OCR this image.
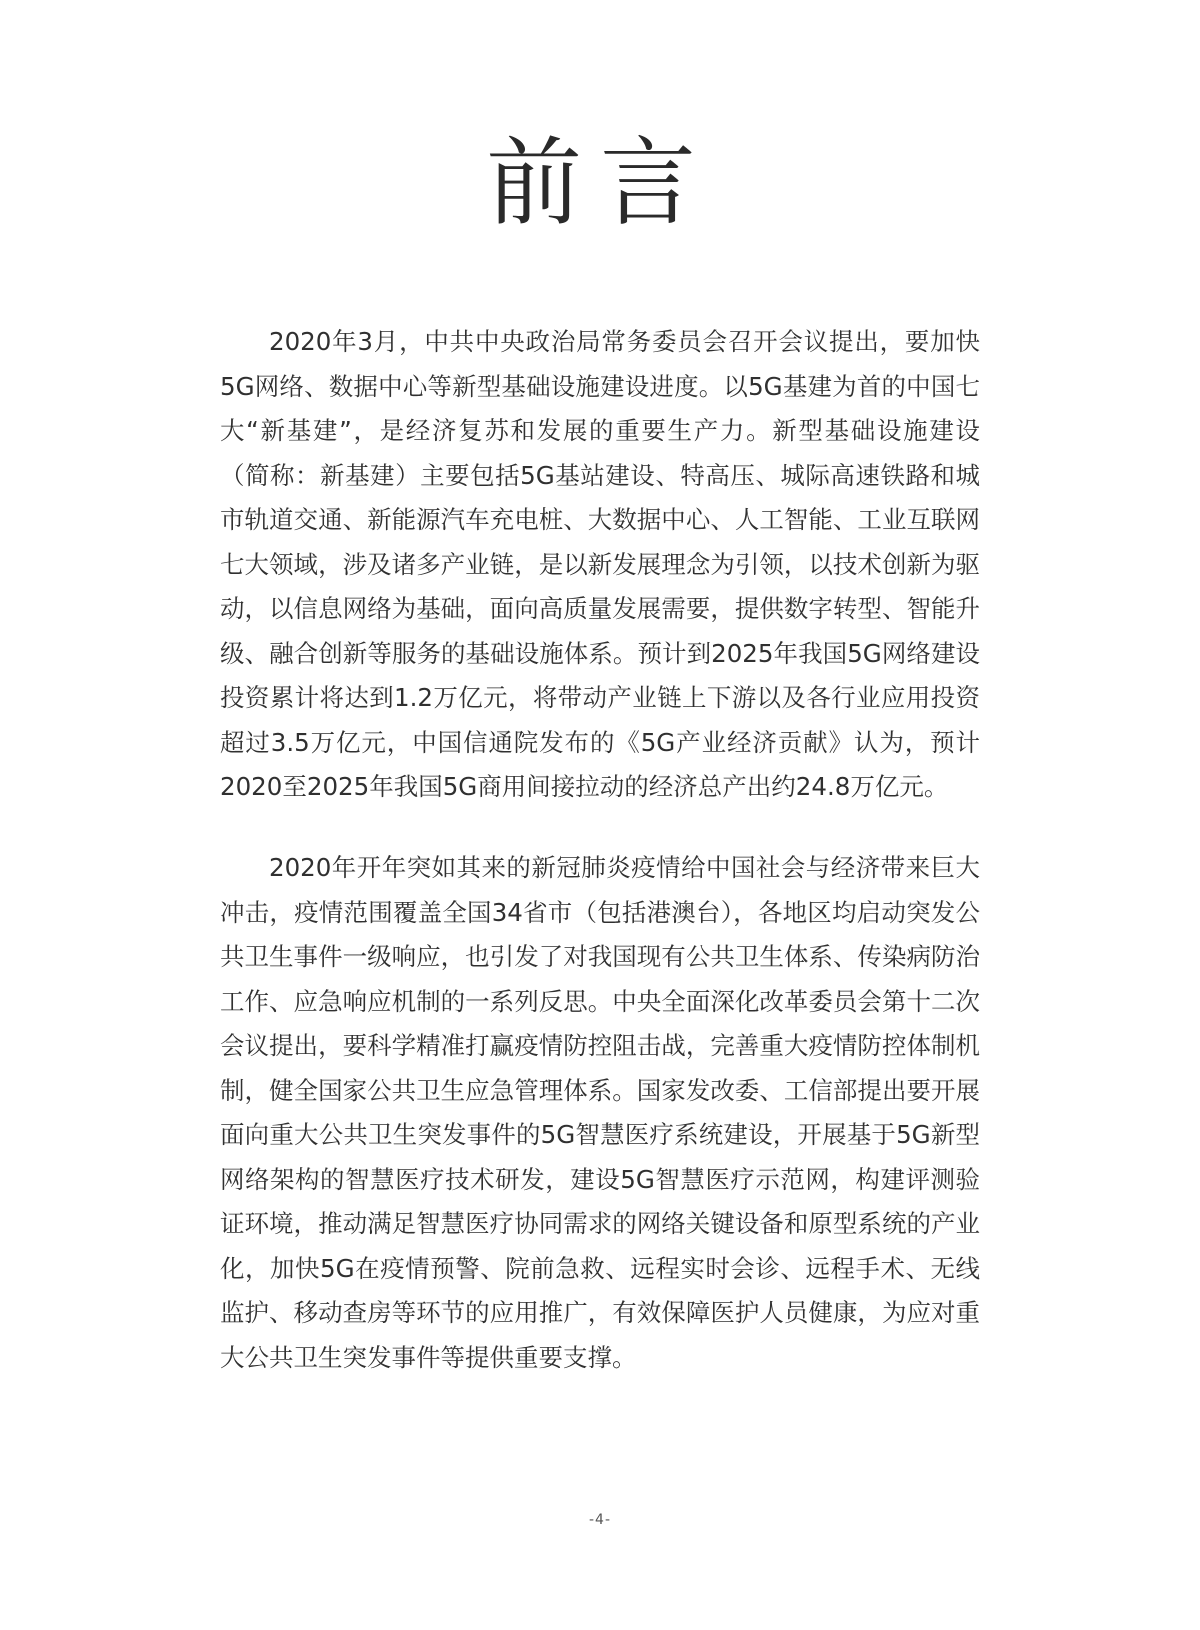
前言

2020年3月，中共中央政治局常务委员会召开会议提出，要加快5G网络、数据中心等新型基础设施建设进度。以5G基建为首的中国七大“新基建”，是经济复苏和发展的重要生产力。新型基础设施建设（简称：新基建）主要包括5G基站建设、特高压、城际高速铁路和城市轨道交通、新能源汽车充电桩、大数据中心、人工智能、工业互联网七大领域，涉及诸多产业链，是以新发展理念为引领，以技术创新为驱动，以信息网络为基础，面向高质量发展需要，提供数字转型、智能升级、融合创新等服务的基础设施体系。预计到2025年我国5G网络建设投资累计将达到1.2万亿元，将带动产业链上下游以及各行业应用投资超过3.5万亿元，中国信通院发布的《5G产业经济贡献》认为，预计2020至2025年我国5G商用间接拉动的经济总产出约24.8万亿元。

2020年开年突如其来的新冠肺炎疫情给中国社会与经济带来巨大冲击，疫情范围覆盖全国34省市（包括港澳台），各地区均启动突发公共卫生事件一级响应，也引发了对我国现有公共卫生体系、传染病防治工作、应急响应机制的一系列反思。中央全面深化改革委员会第十二次会议提出，要科学精准打赢疫情防控阻击战，完善重大疫情防控体制机制，健全国家公共卫生应急管理体系。国家发改委、工信部提出要开展面向重大公共卫生突发事件的5G智慧医疗系统建设，开展基于5G新型网络架构的智慧医疗技术研发，建设5G智慧医疗示范网，构建评测验证环境，推动满足智慧医疗协同需求的网络关键设备和原型系统的产业化，加快5G在疫情预警、院前急救、远程实时会诊、远程手术、无线监护、移动查房等环节的应用推广，有效保障医护人员健康，为应对重大公共卫生突发事件等提供重要支撑。

-4-
